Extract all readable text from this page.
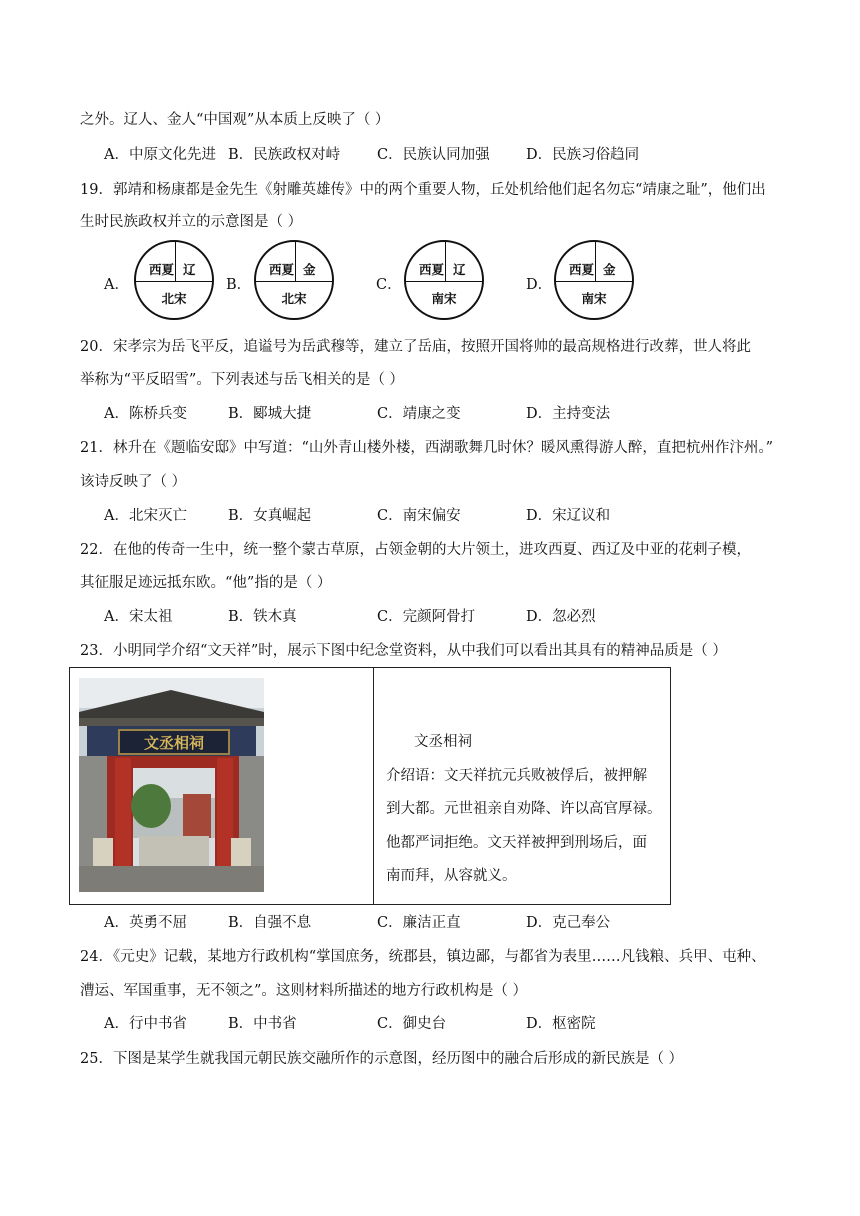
之外。辽人、金人“中国观”从本质上反映了（ ）
A．中原文化先进 B．民族政权对峙	C．民族认同加强	D．民族习俗趋同
19．郭靖和杨康都是金先生《射雕英雄传》中的两个重要人物，丘处机给他们起名勿忘“靖康之耻”，他们出
生时民族政权并立的示意图是（ ）
A．
西夏 辽
北宋
B．
西夏 金
北宋
C．
西夏 辽
南宋
D．
西夏 金
南宋
20．宋孝宗为岳飞平反，追谥号为岳武穆等，建立了岳庙，按照开国将帅的最高规格进行改葬，世人将此
举称为“平反昭雪”。下列表述与岳飞相关的是（ ）
A．陈桥兵变	B．郾城大捷	C．靖康之变	D．主持变法
21．林升在《题临安邸》中写道：“山外青山楼外楼，西湖歌舞几时休？暖风熏得游人醉，直把杭州作汴州。”
该诗反映了（ ）
A．北宋灭亡	B．女真崛起	C．南宋偏安	D．宋辽议和
22．在他的传奇一生中，统一整个蒙古草原，占领金朝的大片领土，进攻西夏、西辽及中亚的花剌子模，
其征服足迹远抵东欧。“他”指的是（ ）
A．宋太祖	B．铁木真	C．完颜阿骨打	D．忽必烈
23．小明同学介绍“文天祥”时，展示下图中纪念堂资料，从中我们可以看出其具有的精神品质是（ ）
文丞相祠	文丞相祠
介绍语：文天祥抗元兵败被俘后，被押解
到大都。元世祖亲自劝降、许以高官厚禄。
他都严词拒绝。文天祥被押到刑场后，面
南而拜，从容就义。
A．英勇不屈	B．自强不息	C．廉洁正直	D．克己奉公
24．《元史》记载，某地方行政机构“掌国庶务，统郡县，镇边鄙，与都省为表里……凡钱粮、兵甲、屯种、
漕运、军国重事，无不领之”。这则材料所描述的地方行政机构是（ ）
A．行中书省	B．中书省	C．御史台	D．枢密院
25．下图是某学生就我国元朝民族交融所作的示意图，经历图中的融合后形成的新民族是（ ）
